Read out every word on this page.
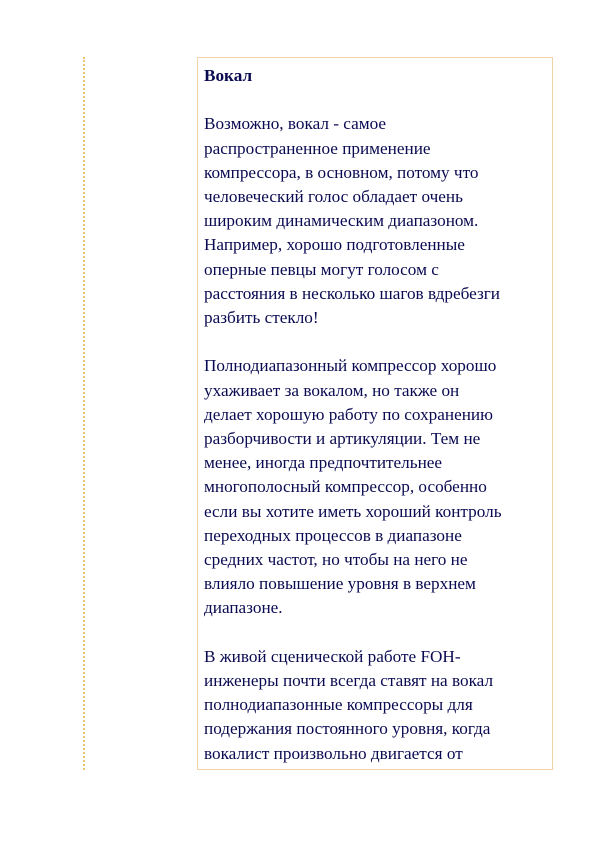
Вокал
Возможно, вокал - самое
распространенное применение
компрессора, в основном, потому что
человеческий голос обладает очень
широким динамическим диапазоном.
Например, хорошо подготовленные
оперные певцы могут голосом с
расстояния в несколько шагов вдребезги
разбить стекло!
Полнодиапазонный компрессор хорошо
ухаживает за вокалом, но также он
делает хорошую работу по сохранению
разборчивости и артикуляции. Тем не
менее, иногда предпочтительнее
многополосный компрессор, особенно
если вы хотите иметь хороший контроль
переходных процессов в диапазоне
средних частот, но чтобы на него не
влияло повышение уровня в верхнем
диапазоне.
В живой сценической работе FOH-
инженеры почти всегда ставят на вокал
полнодиапазонные компрессоры для
подержания постоянного уровня, когда
вокалист произвольно двигается от
